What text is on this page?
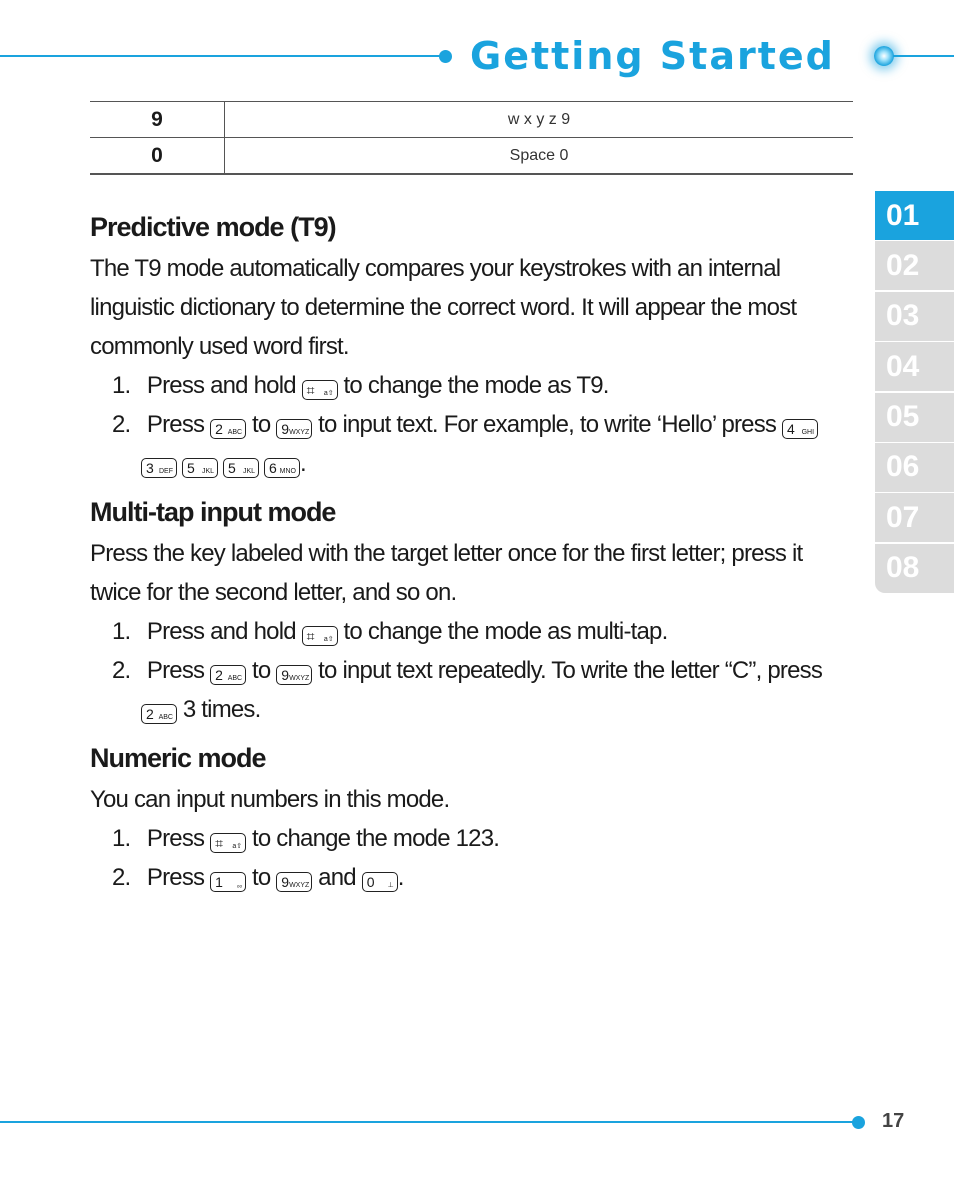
Getting Started
9	w x y z 9
0	Space 0
01
02
03
04
05
06
07
08
Predictive mode (T9)

The T9 mode automatically compares your keystrokes with an internal

linguistic dictionary to determine the correct word. It will appear the most

commonly used word first.

1. Press and hold ⌗ a⇧ to change the mode as T9.
2. Press 2 ABC to 9 WXYZ to input text. For example, to write ‘Hello’ press 4 GHI
3 DEF 5 JKL 5 JKL 6 MNO .
Multi-tap input mode

Press the key labeled with the target letter once for the first letter; press it

twice for the second letter, and so on.

1. Press and hold ⌗ a⇧ to change the mode as multi-tap.
2. Press 2 ABC to 9 WXYZ to input text repeatedly. To write the letter “C”, press
2 ABC 3 times.
Numeric mode

You can input numbers in this mode.

1. Press ⌗ a⇧ to change the mode 123.
2. Press 1 ₒₒ to 9 WXYZ and 0 ⊥ .
17
